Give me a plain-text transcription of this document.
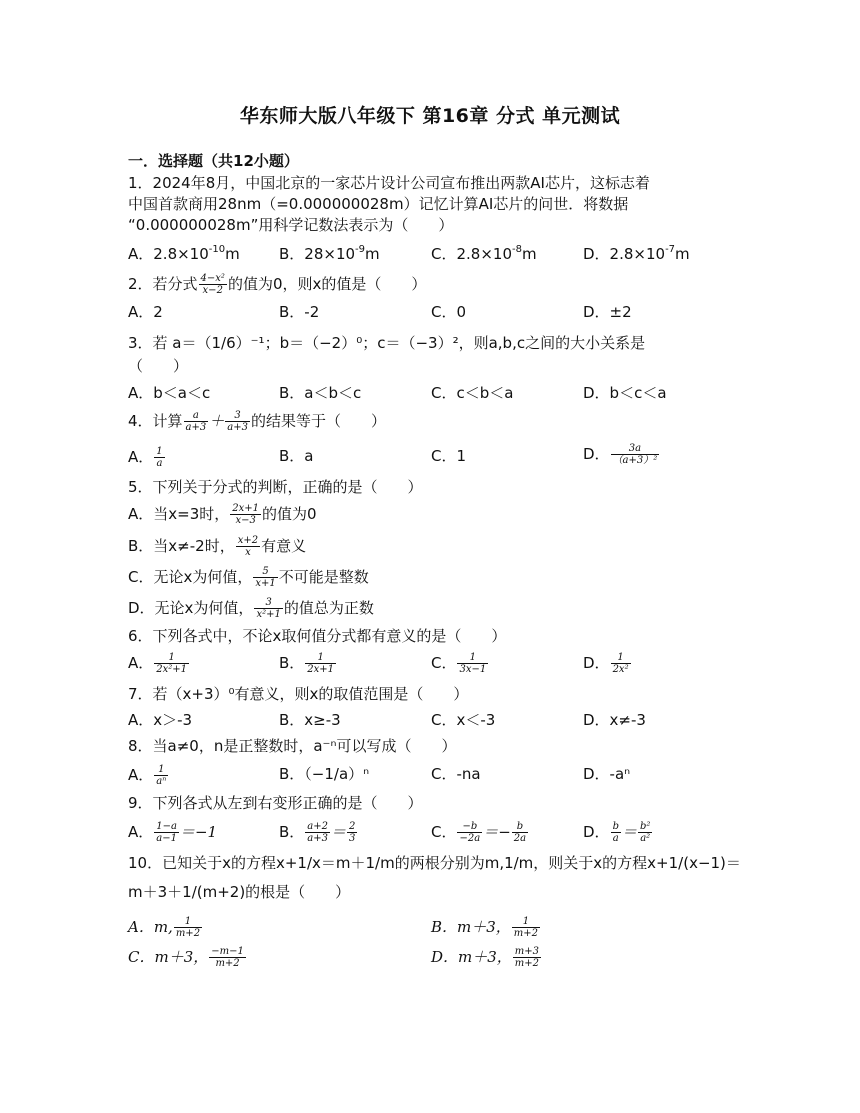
华东师大版八年级下 第16章 分式 单元测试
一．选择题（共12小题）
1．2024年8月，中国北京的一家芯片设计公司宣布推出两款AI芯片，这标志着
中国首款商用28nm（=0.000000028m）记忆计算AI芯片的问世．将数据
“0.000000028m”用科学记数法表示为（　　）
A．$2.8\times 10^{-10}m$	B．$28\times 10^{-9}m$	C．$2.8\times 10^{-8}m$	D．$2.8\times 10^{-7}m$
2．若分式 $\frac{\text{4−x²}}{x-2}$ 的值为0，则x的值是（　　）
A．2	B．-2	C．0	D．±2
3．若 a＝（1/6）⁻¹；b＝（−2）⁰；c＝（−3）²，则a,b,c之间的大小关系是
（　　）
A．b＜a＜c	B．a＜b＜c	C．c＜b＜a	D．b＜c＜a
4．计算 $\frac{a}{a+3} + \frac{3}{a+3}$ 的结果等于（　　）
A． $\frac{1}{a}$	B．a	C．1	D． $\frac{3a}{\text{（a+3）²}}$
5．下列关于分式的判断，正确的是（　　）
A．当x=3时， $\frac{2x+1}{x-3}$ 的值为0
B．当x≠-2时， $\frac{x+2}{x}$ 有意义
C．无论x为何值， $\frac{5}{x+1}$ 不可能是整数
D．无论x为何值， $\frac{3}{\text{x²+1}}$ 的值总为正数
6．下列各式中，不论x取何值分式都有意义的是（　　）
A． $\frac{1}{\text{2x²+1}}$	B． $\frac{1}{2x+1}$	C． $\frac{1}{3x-1}$	D． $\frac{1}{\text{2x²}}$
7．若（x+3）⁰有意义，则x的取值范围是（　　）
A．x＞-3	B．x≥-3	C．x＜-3	D．x≠-3
8．当a≠0，n是正整数时，a⁻ⁿ可以写成（　　）
A． $\frac{1}{\text{aⁿ}}$	B．（−1/a）ⁿ	C．-na	D．-aⁿ
9．下列各式从左到右变形正确的是（　　）
A． $\frac{1-a}{a-1} =-1$	B． $\frac{a+2}{a+3} = \frac{2}{3}$	C． $\frac{-b}{-2a} =- \frac{b}{2a}$	D． $\frac{b}{a} = \frac{\text{b²}}{\text{a²}}$
10．已知关于x的方程x+1/x＝m＋1/m的两根分别为m,1/m，则关于x的方程x+1/(x−1)＝
m＋3＋1/(m+2)的根是（　　）
A．m, $\frac{1}{m+2}$	B．m＋3， $\frac{1}{m+2}$
C．m＋3， $\frac{-m-1}{m+2}$	D．m＋3， $\frac{m+3}{m+2}$
